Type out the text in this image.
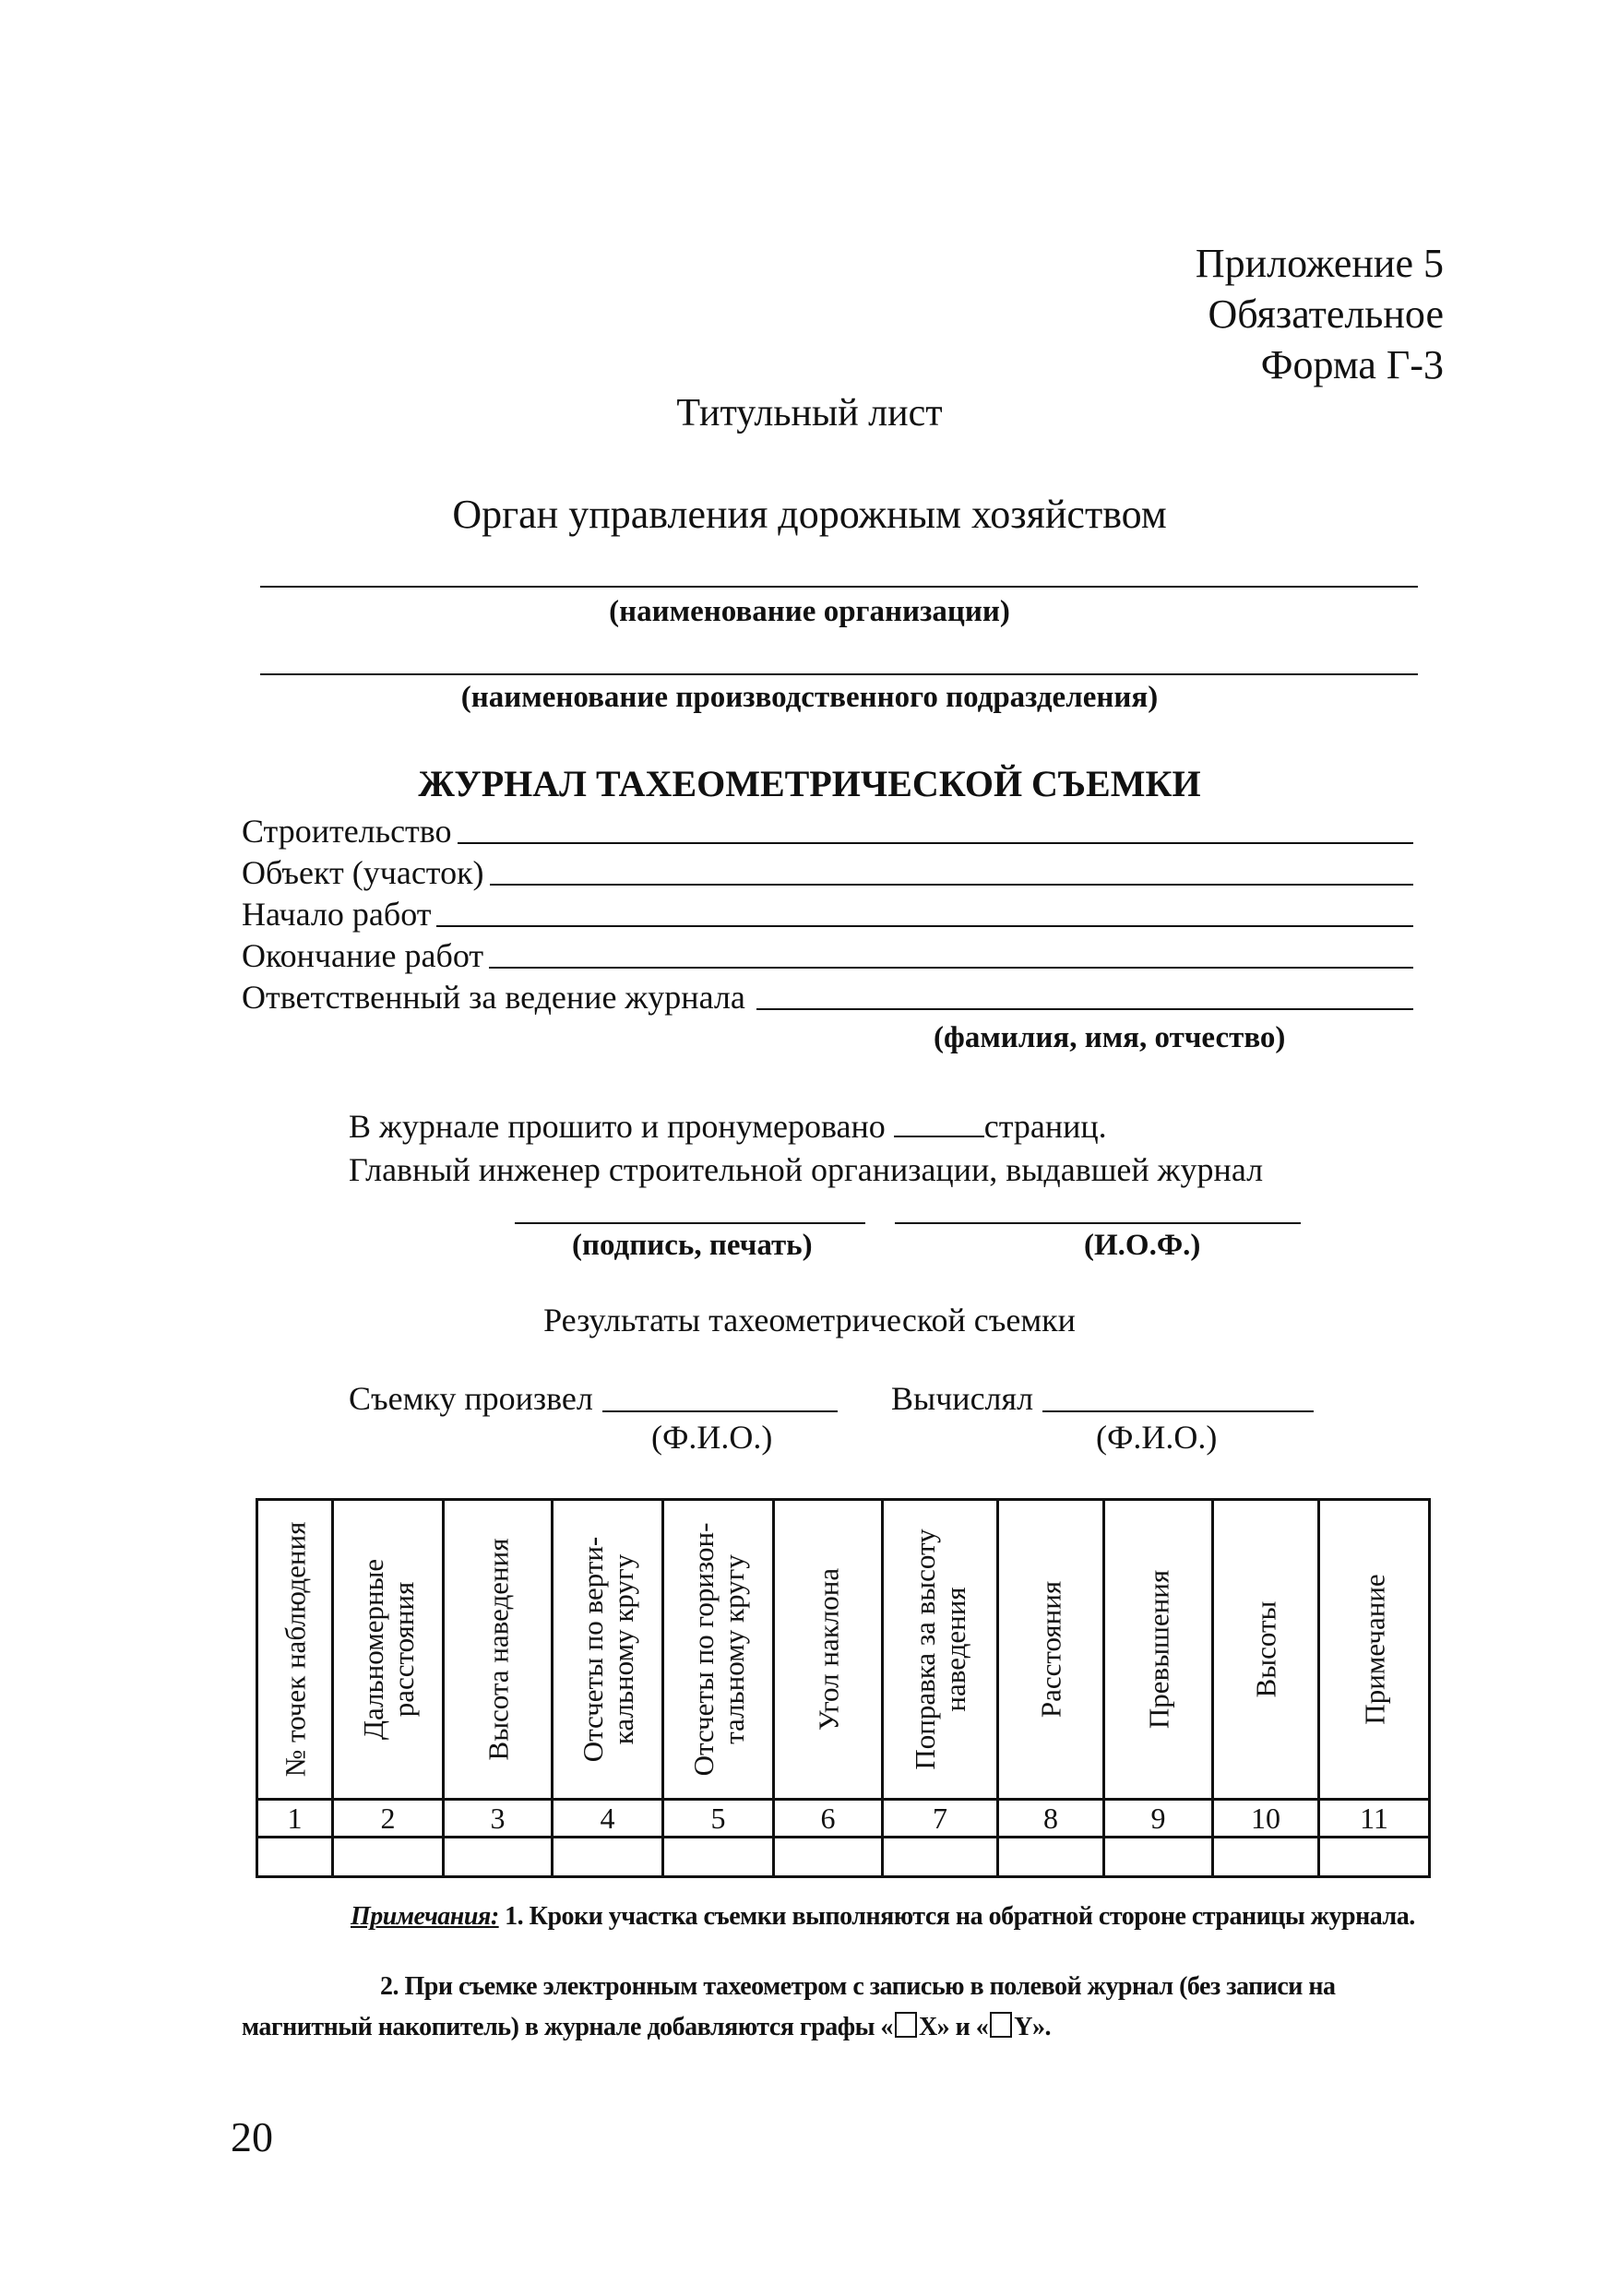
Приложение 5
Обязательное
Форма Г-3
Титульный лист
Орган управления дорожным хозяйством
(наименование организации)
(наименование производственного подразделения)
ЖУРНАЛ ТАХЕОМЕТРИЧЕСКОЙ СЪЕМКИ
Строительство
Объект (участок)
Начало работ
Окончание работ
Ответственный за ведение журнала
(фамилия, имя, отчество)
В журнале прошито и пронумеровано	страниц.
Главный инженер строительной организации, выдавшей журнал
(подпись, печать)	(И.О.Ф.)
Результаты тахеометрической съемки
Съемку произвел	Вычислял
(Ф.И.О.)	(Ф.И.О.)
№ точек наблюдения	Дальномерные расстояния	Высота наведения	Отсчеты по верти-кальному кругу	Отсчеты по горизон-тальному кругу	Угол наклона	Поправка за высоту наведения	Расстояния	Превышения	Высоты	Примечание

1	2	3	4	5	6	7	8	9	10	11

Примечания: 1. Кроки участка съемки выполняются на обратной стороне страницы журнала.
2. При съемке электронным тахеометром с записью в полевой журнал (без записи на магнитный накопитель) в журнале добавляются графы « X» и « Y».
20
